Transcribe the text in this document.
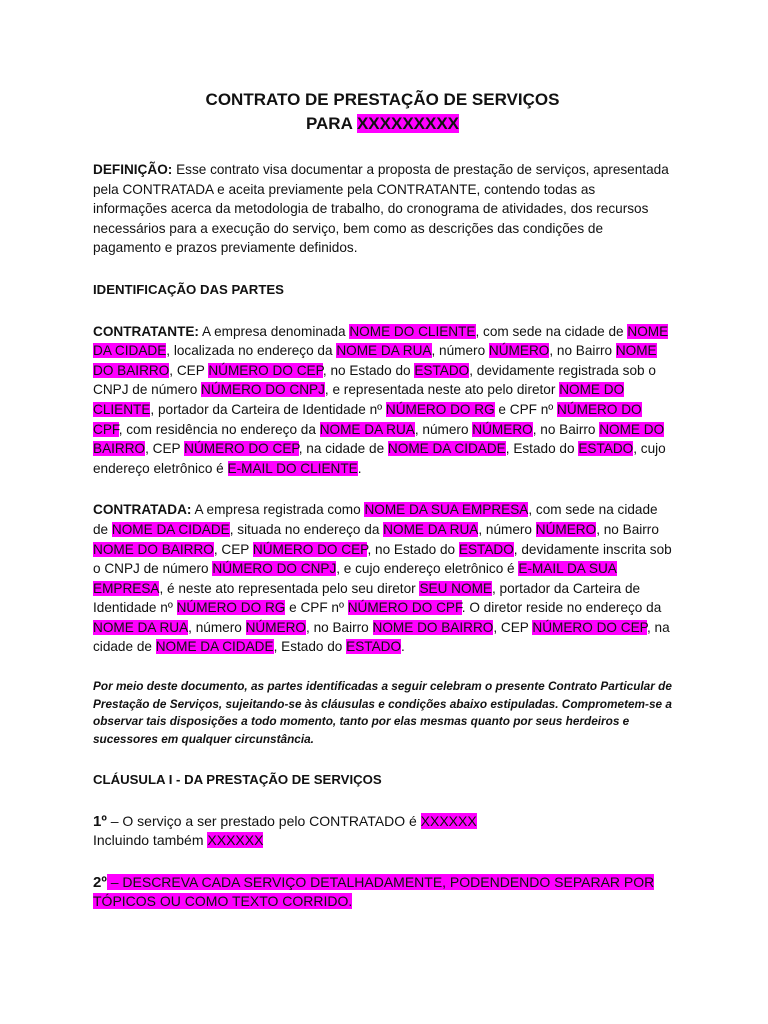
CONTRATO DE PRESTAÇÃO DE SERVIÇOS
PARA XXXXXXXXX

DEFINIÇÃO: Esse contrato visa documentar a proposta de prestação de serviços, apresentada pela CONTRATADA e aceita previamente pela CONTRATANTE, contendo todas as informações acerca da metodologia de trabalho, do cronograma de atividades, dos recursos necessários para a execução do serviço, bem como as descrições das condições de pagamento e prazos previamente definidos.

IDENTIFICAÇÃO DAS PARTES

CONTRATANTE: A empresa denominada NOME DO CLIENTE, com sede na cidade de NOME DA CIDADE, localizada no endereço da NOME DA RUA, número NÚMERO, no Bairro NOME DO BAIRRO, CEP NÚMERO DO CEP, no Estado do ESTADO, devidamente registrada sob o CNPJ de número NÚMERO DO CNPJ, e representada neste ato pelo diretor NOME DO CLIENTE, portador da Carteira de Identidade nº NÚMERO DO RG e CPF nº NÚMERO DO CPF, com residência no endereço da NOME DA RUA, número NÚMERO, no Bairro NOME DO BAIRRO, CEP NÚMERO DO CEP, na cidade de NOME DA CIDADE, Estado do ESTADO, cujo endereço eletrônico é E-MAIL DO CLIENTE.

CONTRATADA: A empresa registrada como NOME DA SUA EMPRESA, com sede na cidade de NOME DA CIDADE, situada no endereço da NOME DA RUA, número NÚMERO, no Bairro NOME DO BAIRRO, CEP NÚMERO DO CEP, no Estado do ESTADO, devidamente inscrita sob o CNPJ de número NÚMERO DO CNPJ, e cujo endereço eletrônico é E-MAIL DA SUA EMPRESA, é neste ato representada pelo seu diretor SEU NOME, portador da Carteira de Identidade nº NÚMERO DO RG e CPF nº NÚMERO DO CPF. O diretor reside no endereço da NOME DA RUA, número NÚMERO, no Bairro NOME DO BAIRRO, CEP NÚMERO DO CEP, na cidade de NOME DA CIDADE, Estado do ESTADO.

Por meio deste documento, as partes identificadas a seguir celebram o presente Contrato Particular de Prestação de Serviços, sujeitando-se às cláusulas e condições abaixo estipuladas. Comprometem-se a observar tais disposições a todo momento, tanto por elas mesmas quanto por seus herdeiros e sucessores em qualquer circunstância.

CLÁUSULA I - DA PRESTAÇÃO DE SERVIÇOS

1º – O serviço a ser prestado pelo CONTRATADO é XXXXXX
Incluindo também XXXXXX

2º – DESCREVA CADA SERVIÇO DETALHADAMENTE, PODENDENDO SEPARAR POR TÓPICOS OU COMO TEXTO CORRIDO.
